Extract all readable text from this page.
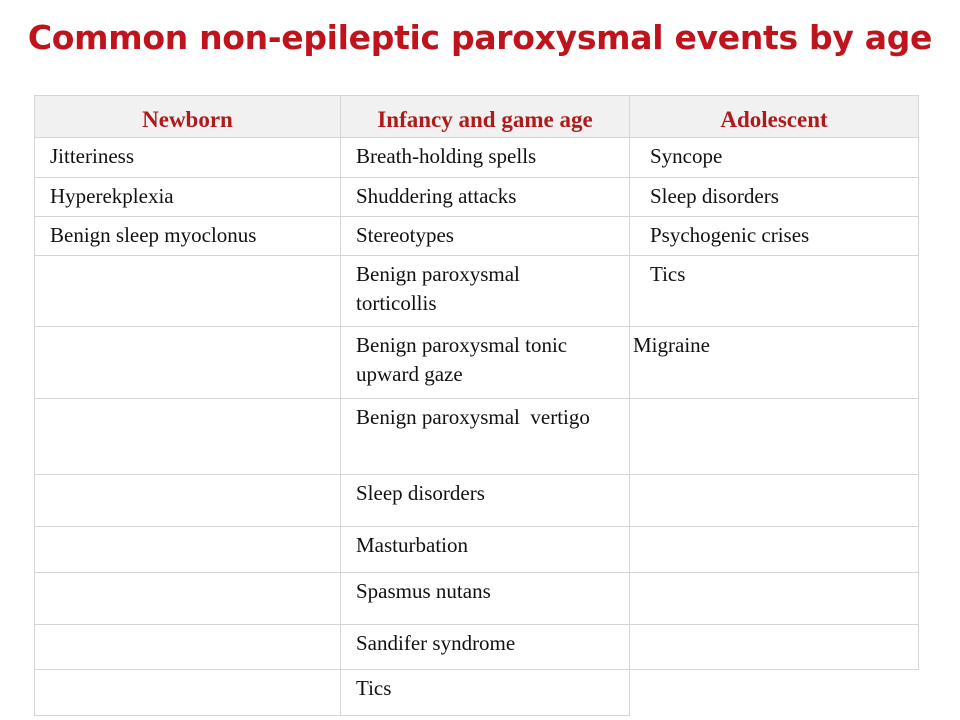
Common non-epileptic paroxysmal events by age
Newborn	Infancy and game age	Adolescent
Jitteriness
Hyperekplexia
Benign sleep myoclonus
Breath-holding spells
Shuddering attacks
Stereotypes
Benign paroxysmal torticollis
Benign paroxysmal tonic upward gaze
Benign paroxysmal  vertigo
Sleep disorders
Masturbation
Spasmus nutans
Sandifer syndrome
Tics
Syncope
Sleep disorders
Psychogenic crises
Tics
Migraine
